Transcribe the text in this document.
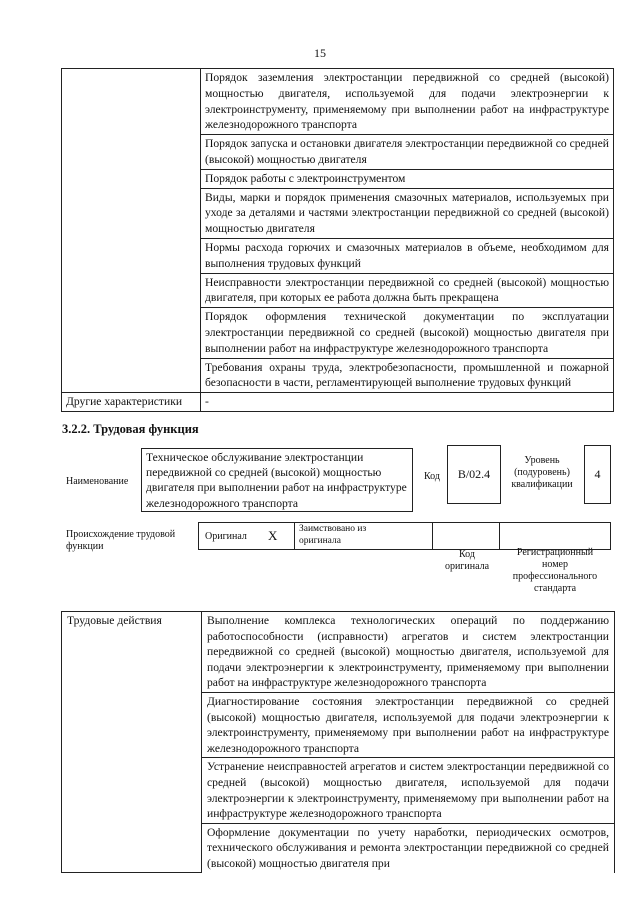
15
	Порядок заземления электростанции передвижной со средней (высокой) мощностью двигателя, используемой для подачи электроэнергии к электроинструменту, применяемому при выполнении работ на инфраструктуре железнодорожного транспорта
	Порядок запуска и остановки двигателя электростанции передвижной со средней (высокой) мощностью двигателя
	Порядок работы с электроинструментом
	Виды, марки и порядок применения смазочных материалов, используемых при уходе за деталями и частями электростанции передвижной со средней (высокой) мощностью двигателя
	Нормы расхода горючих и смазочных материалов в объеме, необходимом для выполнения трудовых функций
	Неисправности электростанции передвижной со средней (высокой) мощностью двигателя, при которых ее работа должна быть прекращена
	Порядок оформления технической документации по эксплуатации электростанции передвижной со средней (высокой) мощностью двигателя при выполнении работ на инфраструктуре железнодорожного транспорта
	Требования охраны труда, электробезопасности, промышленной и пожарной безопасности в части, регламентирующей выполнение трудовых функций
Другие характеристики	-
3.2.2. Трудовая функция
Наименование
Техническое обслуживание электростанции передвижной со средней (высокой) мощностью двигателя при выполнении работ на инфраструктуре железнодорожного транспорта
Код	B/02.4
Уровень (подуровень) квалификации
4
Происхождение трудовой функции
Оригинал X Заимствовано из оригинала
Код оригинала
Регистрационный номер профессионального стандарта
Трудовые действия	Выполнение комплекса технологических операций по поддержанию работоспособности (исправности) агрегатов и систем электростанции передвижной со средней (высокой) мощностью двигателя, используемой для подачи электроэнергии к электроинструменту, применяемому при выполнении работ на инфраструктуре железнодорожного транспорта
Диагностирование состояния электростанции передвижной со средней (высокой) мощностью двигателя, используемой для подачи электроэнергии к электроинструменту, применяемому при выполнении работ на инфраструктуре железнодорожного транспорта
Устранение неисправностей агрегатов и систем электростанции передвижной со средней (высокой) мощностью двигателя, используемой для подачи электроэнергии к электроинструменту, применяемому при выполнении работ на инфраструктуре железнодорожного транспорта
Оформление документации по учету наработки, периодических осмотров, технического обслуживания и ремонта электростанции передвижной со средней (высокой) мощностью двигателя при
